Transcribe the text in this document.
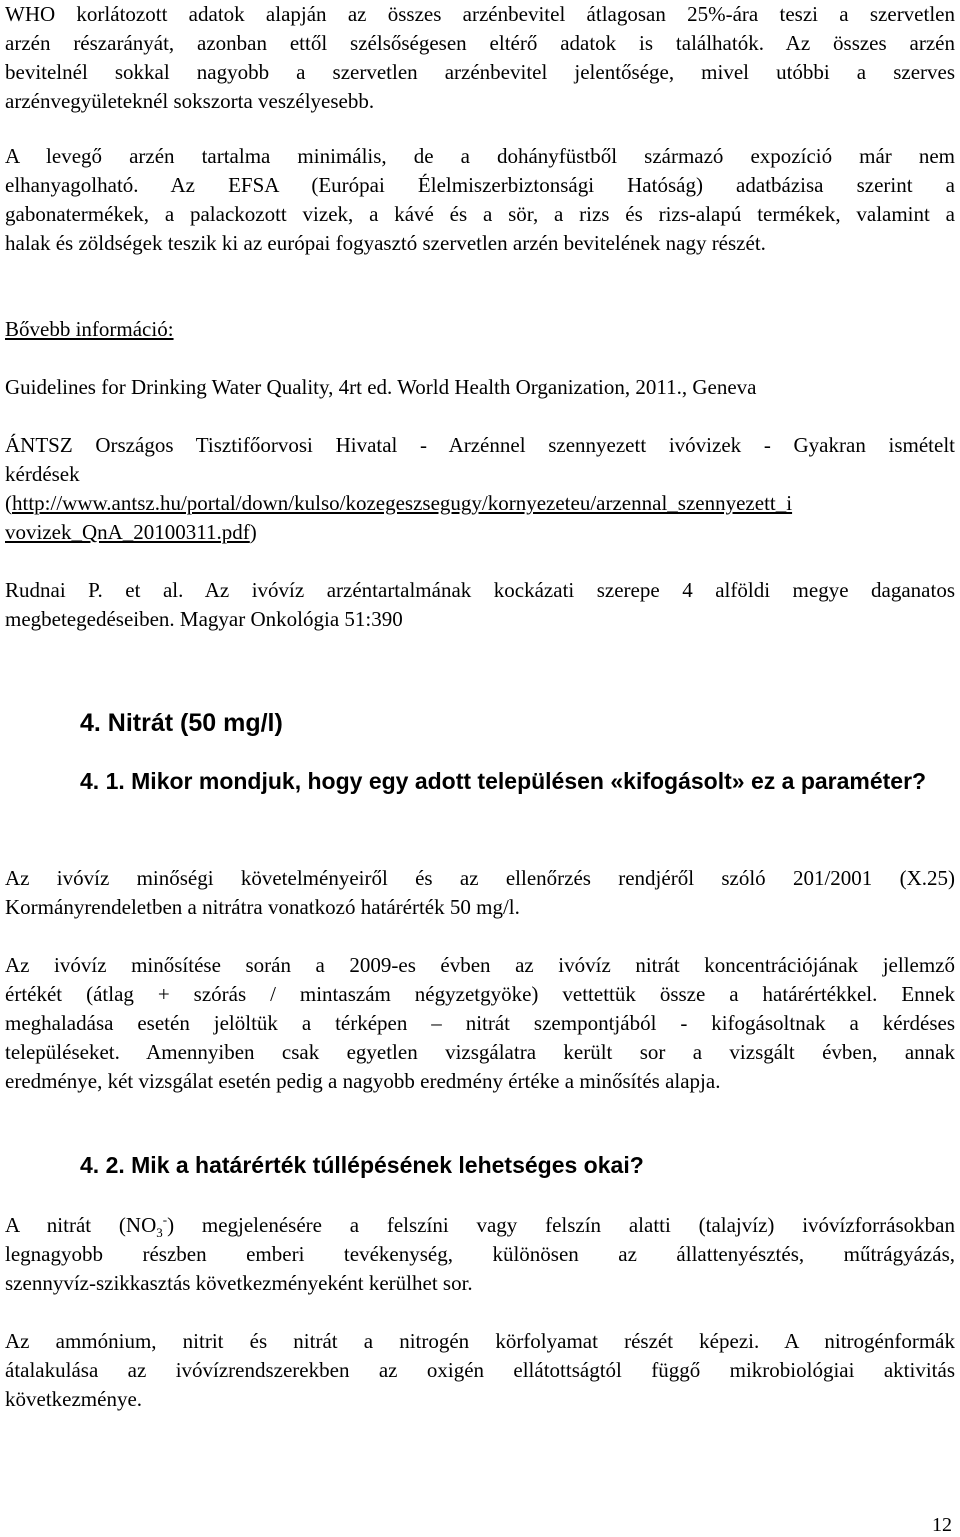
WHO korlátozott adatok alapján az összes arzénbevitel átlagosan 25%-ára teszi a szervetlen
arzén részarányát, azonban ettől szélsőségesen eltérő adatok is találhatók. Az összes arzén
bevitelnél sokkal nagyobb a szervetlen arzénbevitel jelentősége, mivel utóbbi a szerves
arzénvegyületeknél sokszorta veszélyesebb.
A levegő arzén tartalma minimális, de a dohányfüstből származó expozíció már nem
elhanyagolható. Az EFSA (Európai Élelmiszerbiztonsági Hatóság) adatbázisa szerint a
gabonatermékek, a palackozott vizek, a kávé és a sör, a rizs és rizs-alapú termékek, valamint a
halak és zöldségek teszik ki az európai fogyasztó szervetlen arzén bevitelének nagy részét.
Bővebb információ:
Guidelines for Drinking Water Quality, 4rt ed. World Health Organization, 2011., Geneva
ÁNTSZ Országos Tisztifőorvosi Hivatal - Arzénnel szennyezett ivóvizek - Gyakran ismételt
kérdések
(http://www.antsz.hu/portal/down/kulso/kozegeszsegugy/kornyezeteu/arzennal_szennyezett_i
vovizek_QnA_20100311.pdf)
Rudnai P. et al. Az ivóvíz arzéntartalmának kockázati szerepe 4 alföldi megye daganatos
megbetegedéseiben. Magyar Onkológia 51:390
4. Nitrát (50 mg/l)
4. 1. Mikor mondjuk, hogy egy adott településen «kifogásolt» ez a paraméter?
Az ivóvíz minőségi követelményeiről és az ellenőrzés rendjéről szóló 201/2001 (X.25)
Kormányrendeletben a nitrátra vonatkozó határérték 50 mg/l.
Az ivóvíz minősítése során a 2009-es évben az ivóvíz nitrát koncentrációjának jellemző
értékét (átlag + szórás / mintaszám négyzetgyöke) vettettük össze a határértékkel. Ennek
meghaladása esetén jelöltük a térképen – nitrát szempontjából - kifogásoltnak a kérdéses
településeket. Amennyiben csak egyetlen vizsgálatra került sor a vizsgált évben, annak
eredménye, két vizsgálat esetén pedig a nagyobb eredmény értéke a minősítés alapja.
4. 2. Mik a határérték túllépésének lehetséges okai?
A nitrát $(NO_3^-)$ megjelenésére a felszíni vagy felszín alatti (talajvíz) ivóvízforrásokban
legnagyobb részben emberi tevékenység, különösen az állattenyésztés, műtrágyázás,
szennyvíz-szikkasztás következményeként kerülhet sor.
Az ammónium, nitrit és nitrát a nitrogén körfolyamat részét képezi. A nitrogénformák
átalakulása az ivóvízrendszerekben az oxigén ellátottságtól függő mikrobiológiai aktivitás
következménye.
12
